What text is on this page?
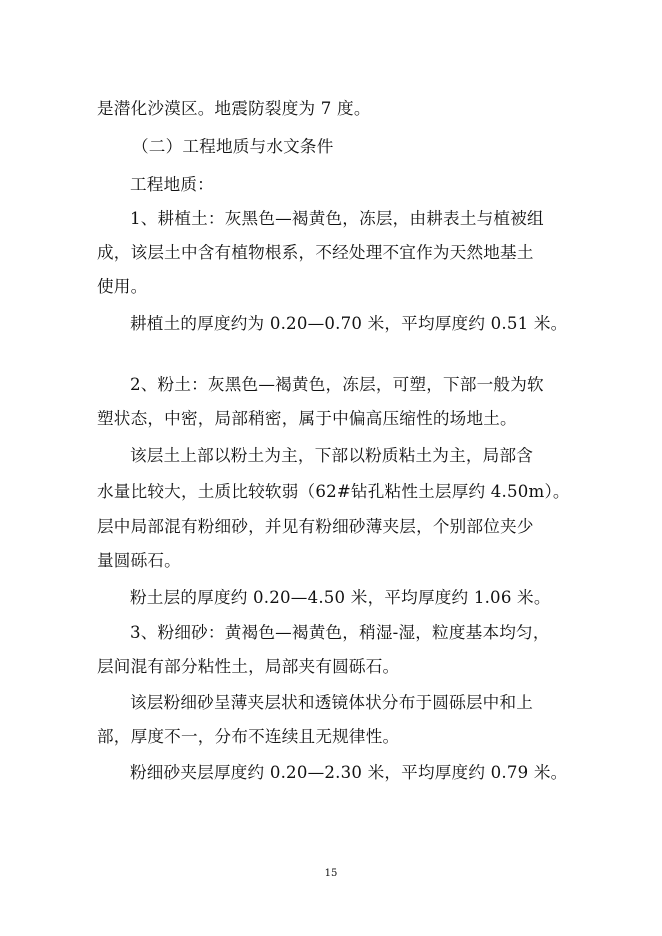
是潜化沙漠区。地震防裂度为 7 度。
（二）工程地质与水文条件
工程地质：
1、耕植土：灰黑色—褐黄色，冻层，由耕表土与植被组
成，该层土中含有植物根系，不经处理不宜作为天然地基土
使用。
耕植土的厚度约为 0.20—0.70 米，平均厚度约 0.51 米。
2、粉土：灰黑色—褐黄色，冻层，可塑，下部一般为软
塑状态，中密，局部稍密，属于中偏高压缩性的场地土。
该层土上部以粉土为主，下部以粉质粘土为主，局部含
水量比较大，土质比较软弱（62#钻孔粘性土层厚约 4.50m）。
层中局部混有粉细砂，并见有粉细砂薄夹层，个别部位夹少
量圆砾石。
粉土层的厚度约 0.20—4.50 米，平均厚度约 1.06 米。
3、粉细砂：黄褐色—褐黄色，稍湿-湿，粒度基本均匀，
层间混有部分粘性土，局部夹有圆砾石。
该层粉细砂呈薄夹层状和透镜体状分布于圆砾层中和上
部，厚度不一，分布不连续且无规律性。
粉细砂夹层厚度约 0.20—2.30 米，平均厚度约 0.79 米。
15
